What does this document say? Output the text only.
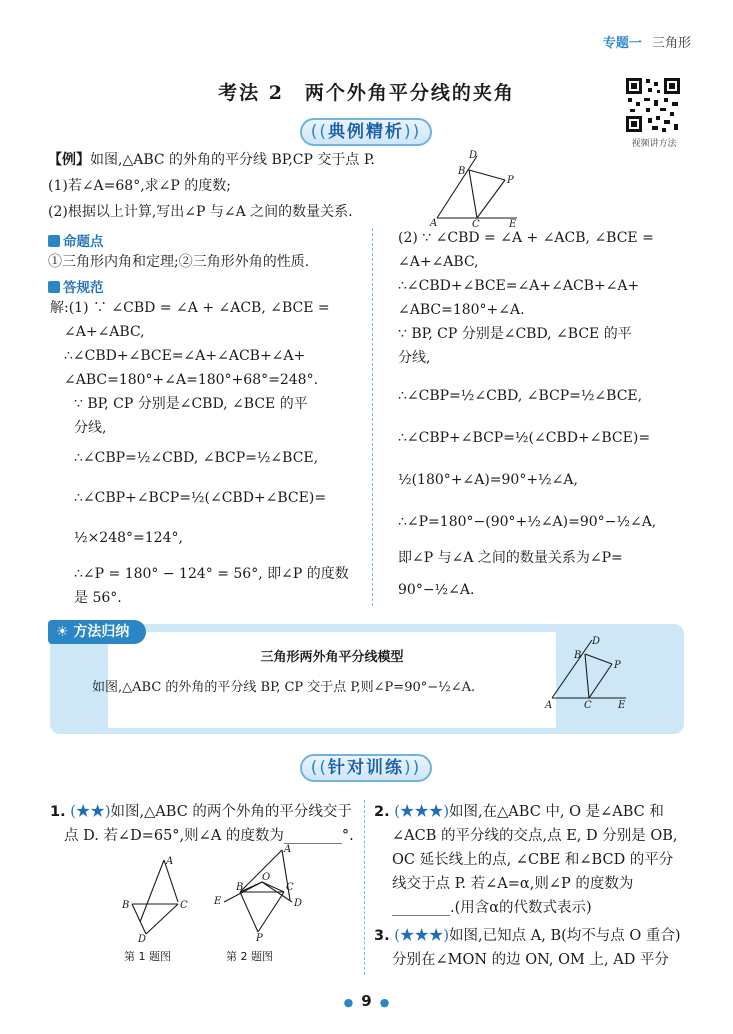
专题一 三角形
考法 2　两个外角平分线的夹角
视频讲方法
((典例精析))
【例】如图,△ABC 的外角的平分线 BP,CP 交于点 P.
(1)若∠A=68°,求∠P 的度数;
(2)根据以上计算,写出∠P 与∠A 之间的数量关系.
D
B
P
A	C	E
命题点
①三角形内角和定理;②三角形外角的性质.
答规范
解:(1) ∵ ∠CBD = ∠A + ∠ACB, ∠BCE =
∠A+∠ABC,
∴∠CBD+∠BCE=∠A+∠ACB+∠A+
∠ABC=180°+∠A=180°+68°=248°.
∵ BP, CP 分别是∠CBD, ∠BCE 的平
分线,
∴∠CBP=½∠CBD, ∠BCP=½∠BCE,
∴∠CBP+∠BCP=½(∠CBD+∠BCE)=
½×248°=124°,
∴∠P = 180° − 124° = 56°, 即∠P 的度数
是 56°.
(2) ∵ ∠CBD = ∠A + ∠ACB, ∠BCE =
∠A+∠ABC,
∴∠CBD+∠BCE=∠A+∠ACB+∠A+
∠ABC=180°+∠A.
∵ BP, CP 分别是∠CBD, ∠BCE 的平
分线,
∴∠CBP=½∠CBD, ∠BCP=½∠BCE,
∴∠CBP+∠BCP=½(∠CBD+∠BCE)=
½(180°+∠A)=90°+½∠A,
∴∠P=180°−(90°+½∠A)=90°−½∠A,
即∠P 与∠A 之间的数量关系为∠P=
90°−½∠A.
☀ 方法归纳
三角形两外角平分线模型
如图,△ABC 的外角的平分线 BP, CP 交于点 P,则∠P=90°−½∠A.
D
B
P
A	C	E
((针对训练))
1. (★★)如图,△ABC 的两个外角的平分线交于
点 D. 若∠D=65°,则∠A 的度数为________°.
A
B	C
D
第 1 题图
A
B	C
O
E	D
P
第 2 题图
2. (★★★)如图,在△ABC 中, O 是∠ABC 和
∠ACB 的平分线的交点,点 E, D 分别是 OB,
OC 延长线上的点, ∠CBE 和∠BCD 的平分
线交于点 P. 若∠A=α,则∠P 的度数为
________.(用含α的代数式表示)
3. (★★★)如图,已知点 A, B(均不与点 O 重合)
分别在∠MON 的边 ON, OM 上, AD 平分
● 9 ●
